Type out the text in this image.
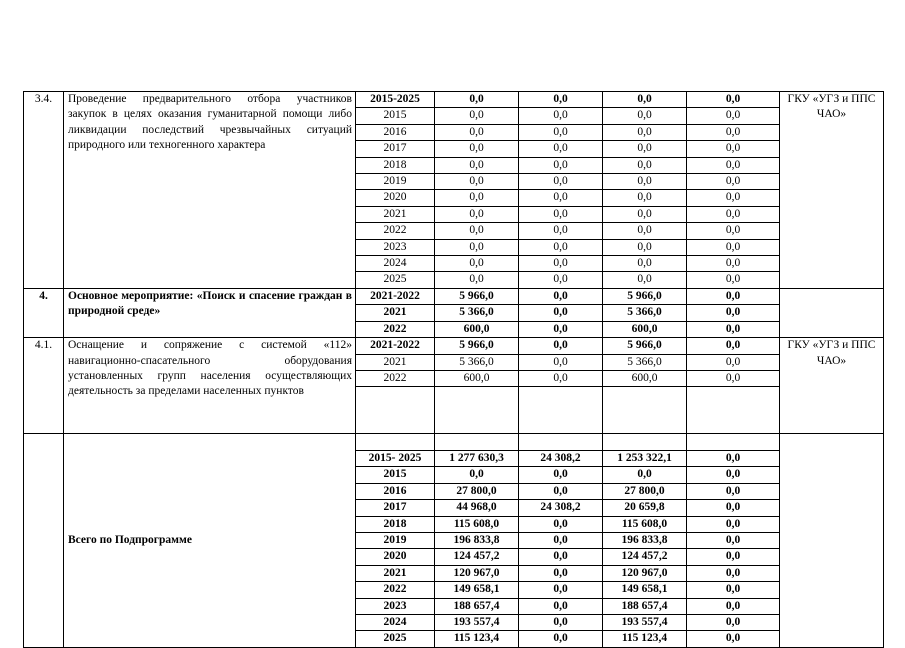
3.4.	Проведение предварительного отбора участников закупок в целях оказания гуманитарной помощи либо ликвидации последствий чрезвычайных ситуаций природного или техногенного характера	2015-2025	0,0	0,0	0,0	0,0	ГКУ «УГЗ и ППС ЧАО»
		2015	0,0	0,0	0,0	0,0	
		2016	0,0	0,0	0,0	0,0	
		2017	0,0	0,0	0,0	0,0	
		2018	0,0	0,0	0,0	0,0	
		2019	0,0	0,0	0,0	0,0	
		2020	0,0	0,0	0,0	0,0	
		2021	0,0	0,0	0,0	0,0	
		2022	0,0	0,0	0,0	0,0	
		2023	0,0	0,0	0,0	0,0	
		2024	0,0	0,0	0,0	0,0	
		2025	0,0	0,0	0,0	0,0	
4.	Основное мероприятие: «Поиск и спасение граждан в природной среде»	2021-2022	5 966,0	0,0	5 966,0	0,0	
		2021	5 366,0	0,0	5 366,0	0,0	
		2022	600,0	0,0	600,0	0,0	
4.1.	Оснащение и сопряжение с системой «112» навигационно-спасательного оборудования установленных групп населения осуществляющих деятельность за пределами населенных пунктов	2021-2022	5 966,0	0,0	5 966,0	0,0	ГКУ «УГЗ и ППС ЧАО»
		2021	5 366,0	0,0	5 366,0	0,0	
		2022	600,0	0,0	600,0	0,0	

	Всего по Подпрограмме						

		2015- 2025	1 277 630,3	24 308,2	1 253 322,1	0,0	
		2015	0,0	0,0	0,0	0,0	
		2016	27 800,0	0,0	27 800,0	0,0	
		2017	44 968,0	24 308,2	20 659,8	0,0	
		2018	115 608,0	0,0	115 608,0	0,0	
		2019	196 833,8	0,0	196 833,8	0,0	
		2020	124 457,2	0,0	124 457,2	0,0	
		2021	120 967,0	0,0	120 967,0	0,0	
		2022	149 658,1	0,0	149 658,1	0,0	
		2023	188 657,4	0,0	188 657,4	0,0	
		2024	193 557,4	0,0	193 557,4	0,0	
		2025	115 123,4	0,0	115 123,4	0,0	
